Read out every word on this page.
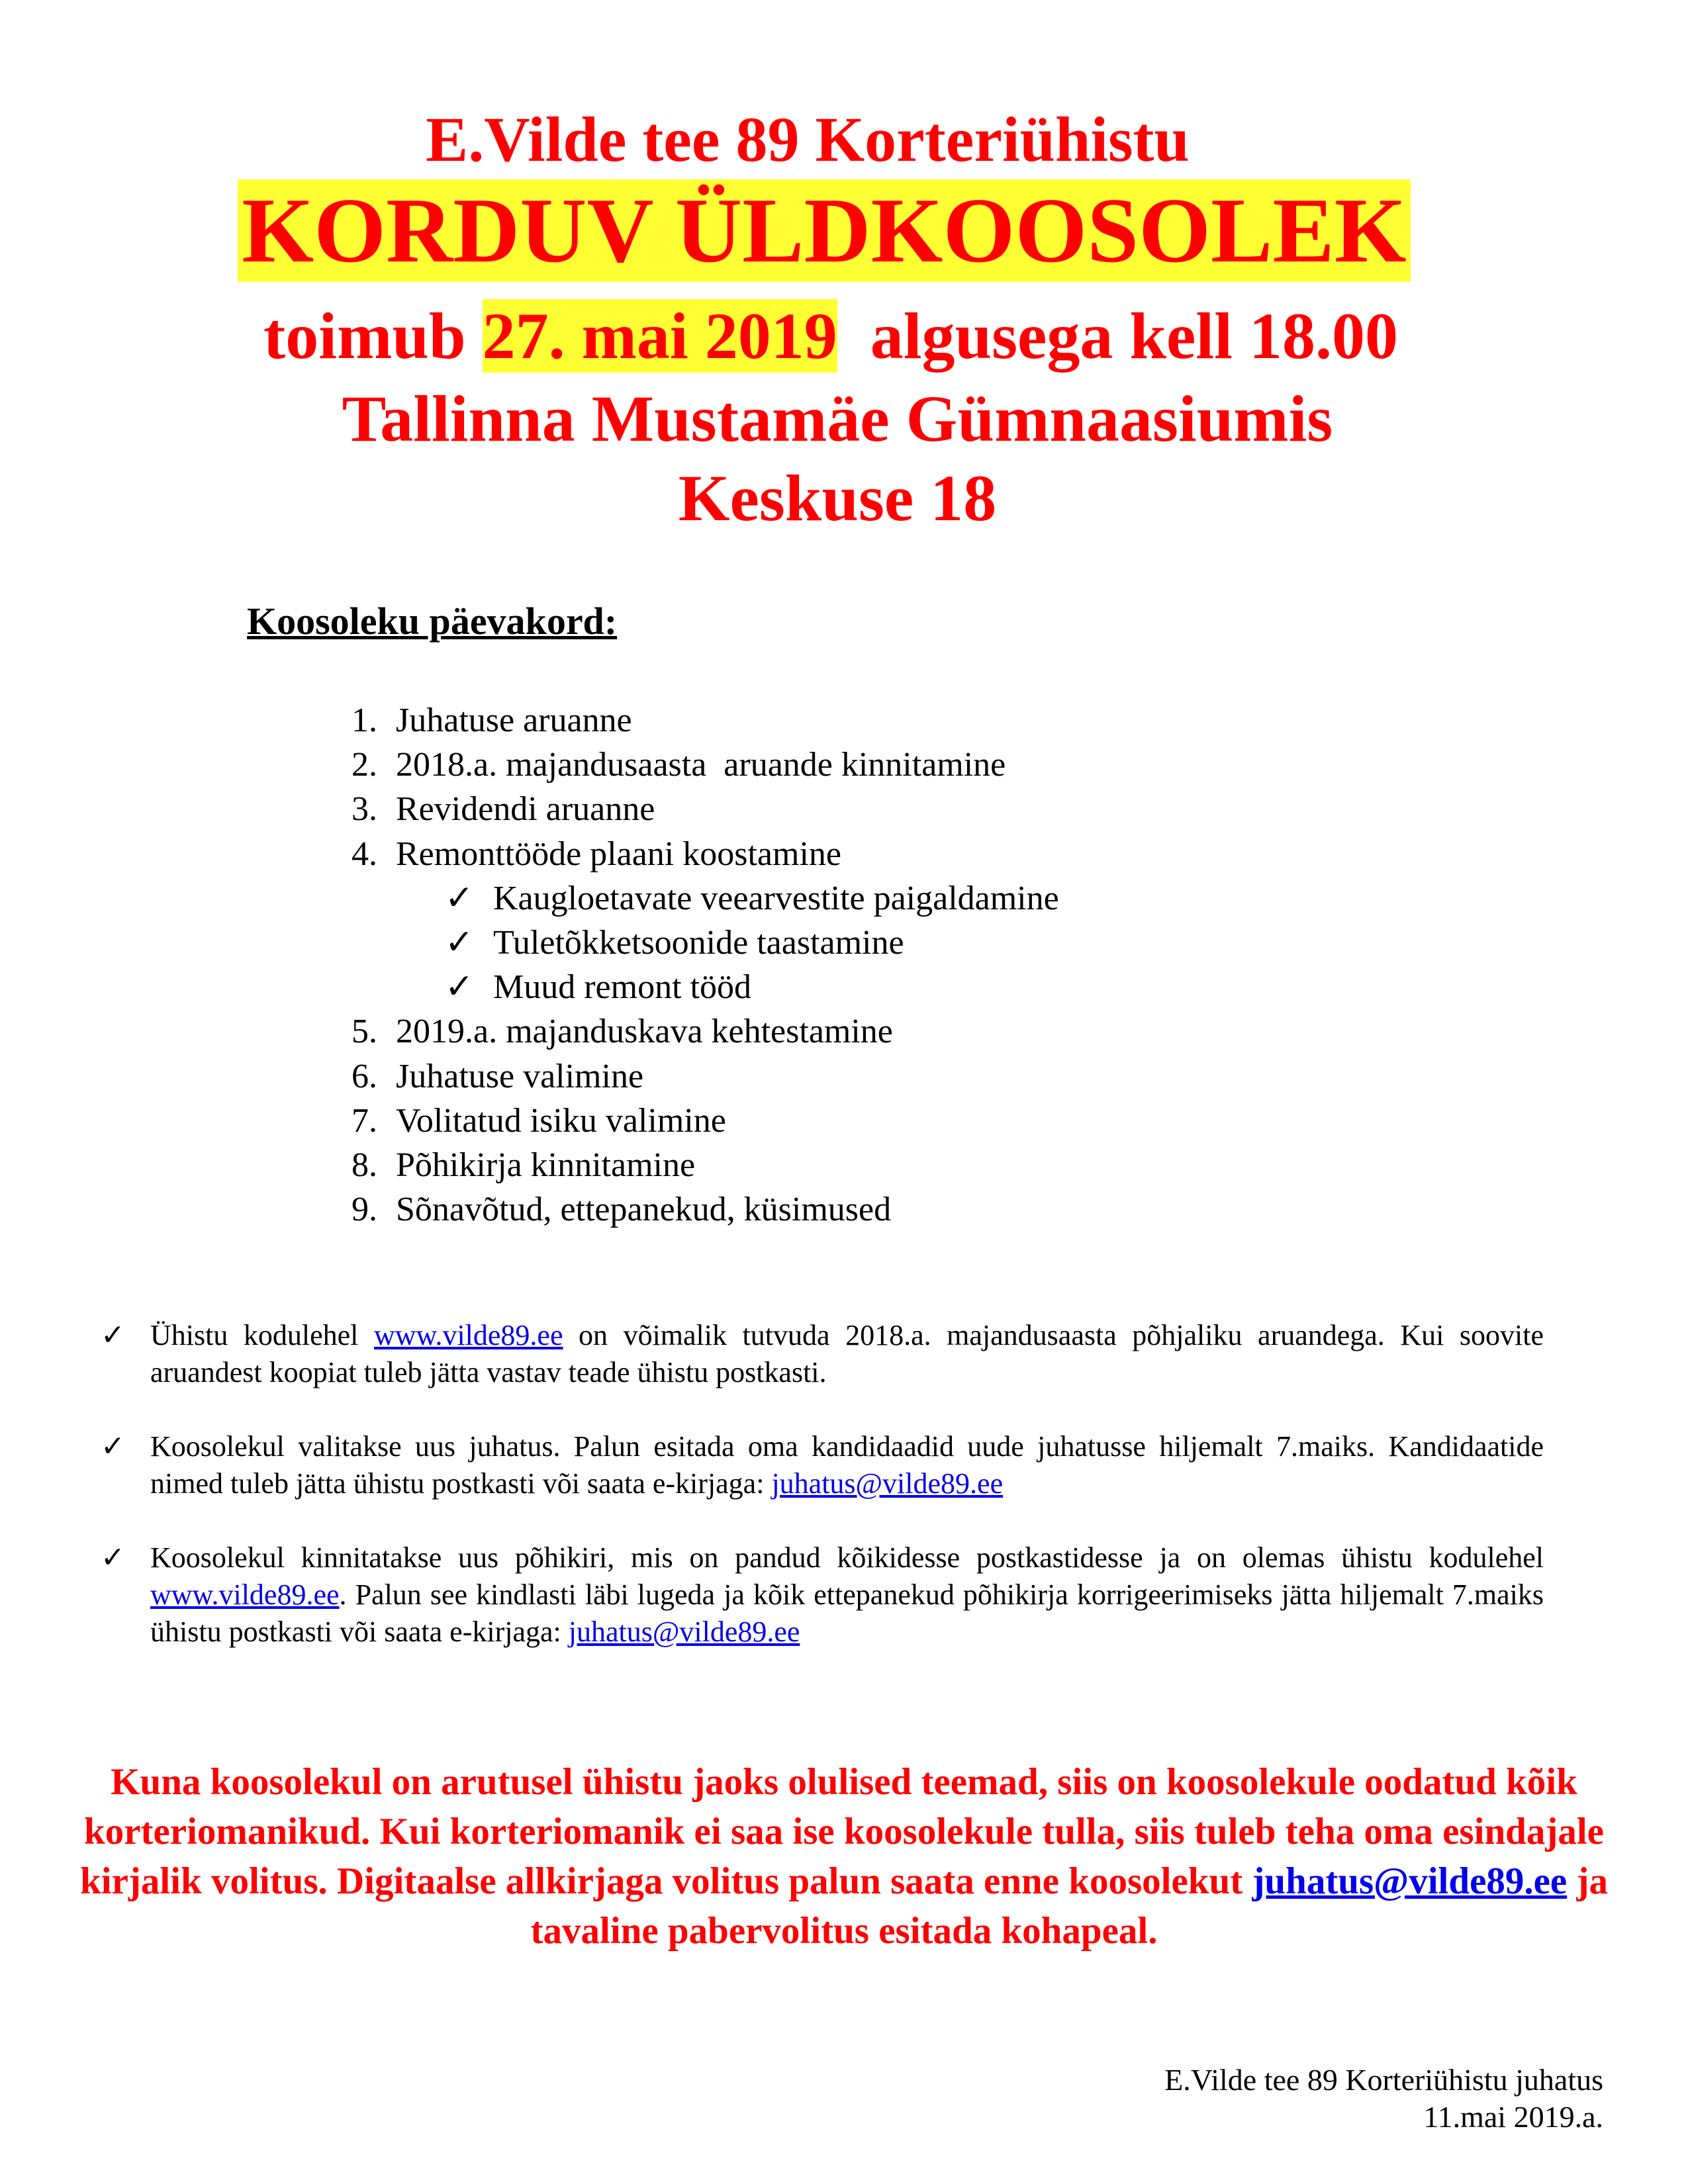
E.Vilde tee 89 Korteriühistu
KORDUV ÜLDKOOSOLEK
toimub 27. mai 2019  algusega kell 18.00
Tallinna Mustamäe Gümnaasiumis
Keskuse 18
Koosoleku päevakord:
1. Juhatuse aruanne
2. 2018.a. majandusaasta  aruande kinnitamine
3. Revidendi aruanne
4. Remonttööde plaani koostamine
✓ Kaugloetavate veearvestite paigaldamine
✓ Tuletõkketsoonide taastamine
✓ Muud remont tööd
5. 2019.a. majanduskava kehtestamine
6. Juhatuse valimine
7. Volitatud isiku valimine
8. Põhikirja kinnitamine
9. Sõnavõtud, ettepanekud, küsimused
✓ Ühistu kodulehel www.vilde89.ee on võimalik tutvuda 2018.a. majandusaasta põhjaliku aruandega. Kui soovite aruandest koopiat tuleb jätta vastav teade ühistu postkasti.
✓ Koosolekul valitakse uus juhatus. Palun esitada oma kandidaadid uude juhatusse hiljemalt 7.maiks. Kandidaatide nimed tuleb jätta ühistu postkasti või saata e-kirjaga: juhatus@vilde89.ee
✓ Koosolekul kinnitatakse uus põhikiri, mis on pandud kõikidesse postkastidesse ja on olemas ühistu kodulehel www.vilde89.ee. Palun see kindlasti läbi lugeda ja kõik ettepanekud põhikirja korrigeerimiseks jätta hiljemalt 7.maiks ühistu postkasti või saata e-kirjaga: juhatus@vilde89.ee
Kuna koosolekul on arutusel ühistu jaoks olulised teemad, siis on koosolekule oodatud kõik korteriomanikud. Kui korteriomanik ei saa ise koosolekule tulla, siis tuleb teha oma esindajale kirjalik volitus. Digitaalse allkirjaga volitus palun saata enne koosolekut juhatus@vilde89.ee ja tavaline pabervolitus esitada kohapeal.
E.Vilde tee 89 Korteriühistu juhatus
11.mai 2019.a.
